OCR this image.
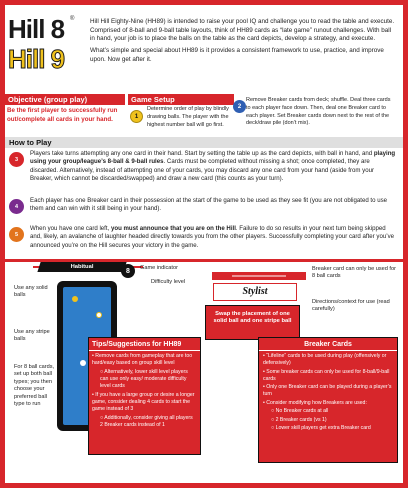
Hill 8
Hill 9
® Hill Hill Eighty-Nine (HH89) is intended to raise your pool IQ and challenge you to read the table and execute. Comprised of 8-ball and 9-ball table layouts, think of HH89 cards as “late game” runout challenges. With ball in hand, your job is to place the balls on the table as the card depicts, develop a strategy, and execute.

What’s simple and special about HH89 is it provides a consistent framework to use, practice, and improve upon. Now get after it.

Objective (group play)
Be the first player to successfully run out/complete all cards in your hand.
Game Setup
1
Determine order of play by blindly drawing balls. The player with the highest number ball will go first.
2
Remove Breaker cards from deck; shuffle. Deal three cards to each player face down. Then, deal one Breaker card to each player. Set Breaker cards down next to the rest of the deck/draw pile (don’t mix).
How to Play
3
Players take turns attempting any one card in their hand. Start by setting the table up as the card depicts, with ball in hand, and playing using your group/league’s 8-ball & 9-ball rules. Cards must be completed without missing a shot; once completed, they are discarded. Alternatively, instead of attempting one of your cards, you may discard any one card from your hand (aside from your Breaker, which cannot be discarded/swapped) and draw a new card (this counts as your turn).
4
Each player has one Breaker card in their possession at the start of the game to be used as they see fit (you are not obligated to use them and can win with it still being in your hand).
5
When you have one card left, you must announce that you are on the Hill. Failure to do so results in your next turn being skipped and, likely, an avalanche of laughter headed directly towards you from the other players. Successfully completing your card after you’ve announced you’re on the Hill secures your victory in the game.
Habitual
8	Game indicator
Difficulty level
Use any solid balls
Use any stripe balls
For 8 ball cards, set up both ball types; you then choose your preferred ball type to run
Tips/Suggestions for HH89
• Remove cards from gameplay that are too hard/easy based on group skill level
○ Alternatively, lower skill level players can use only easy/ moderate difficulty level cards
• If you have a large group or desire a longer game, consider dealing 4 cards to start the game instead of 3
○ Additionally, consider giving all players 2 Breaker cards instead of 1
Stylist
Swap the placement of one solid ball and one stripe ball
Breaker card can only be used for 8 ball cards
Directions/context for use (read carefully)
Breaker Cards
• “Lifeline” cards to be used during play (offensively or defensively)
• Some breaker cards can only be used for 8-ball/9-ball cards
• Only one Breaker card can be played during a player’s turn
• Consider modifying how Breakers are used:
○ No Breaker cards at all
○ 2 Breaker cards (vs 1)
○ Lower skill players get extra Breaker card
